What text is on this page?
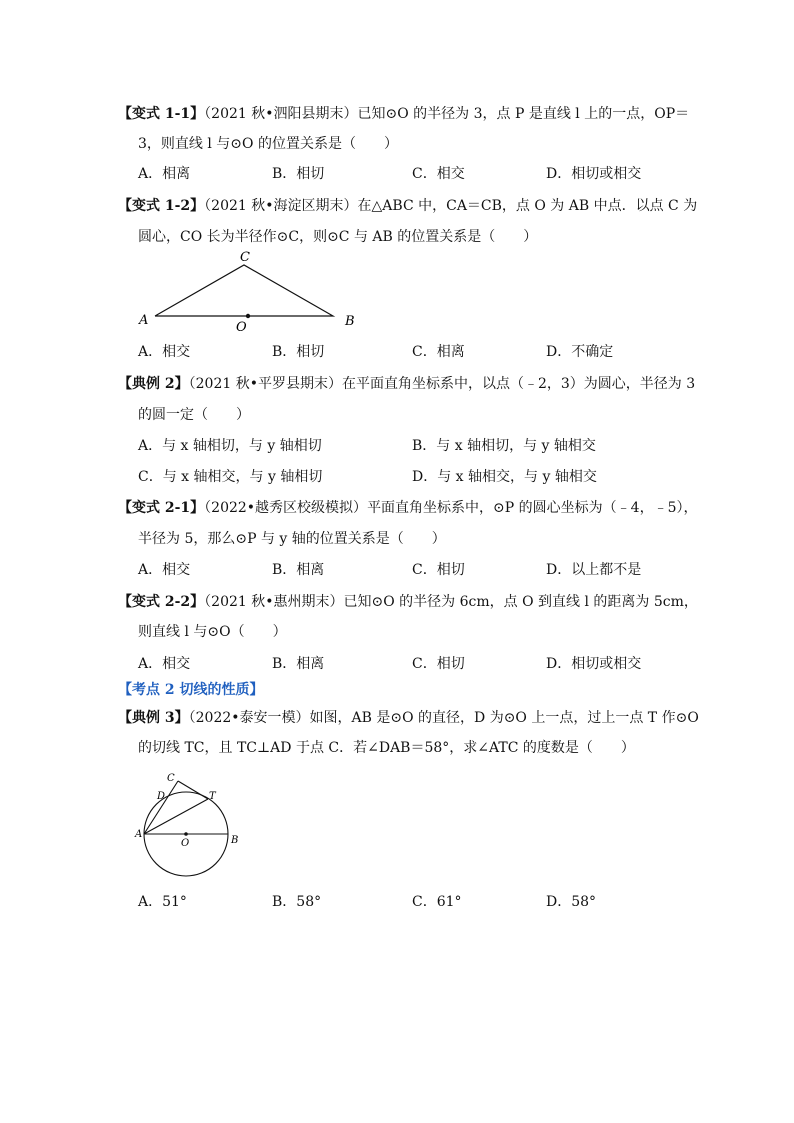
【变式 1-1】（2021 秋•泗阳县期末）已知⊙O 的半径为 3，点 P 是直线 l 上的一点，OP＝
3，则直线 l 与⊙O 的位置关系是（　　）
A．相离	B．相切	C．相交	D．相切或相交
【变式 1-2】（2021 秋•海淀区期末）在△ABC 中，CA＝CB，点 O 为 AB 中点．以点 C 为
圆心，CO 长为半径作⊙C，则⊙C 与 AB 的位置关系是（　　）
C
A	B
O
A．相交	B．相切	C．相离	D．不确定
【典例 2】（2021 秋•平罗县期末）在平面直角坐标系中，以点（﹣2，3）为圆心，半径为 3
的圆一定（　　）
A．与 x 轴相切，与 y 轴相切	B．与 x 轴相切，与 y 轴相交
C．与 x 轴相交，与 y 轴相切	D．与 x 轴相交，与 y 轴相交
【变式 2-1】（2022•越秀区校级模拟）平面直角坐标系中，⊙P 的圆心坐标为（﹣4，﹣5），
半径为 5，那么⊙P 与 y 轴的位置关系是（　　）
A．相交	B．相离	C．相切	D．以上都不是
【变式 2-2】（2021 秋•惠州期末）已知⊙O 的半径为 6cm，点 O 到直线 l 的距离为 5cm，
则直线 l 与⊙O（　　）
A．相交	B．相离	C．相切	D．相切或相交
【考点 2 切线的性质】
【典例 3】（2022•泰安一模）如图，AB 是⊙O 的直径，D 为⊙O 上一点，过上一点 T 作⊙O
的切线 TC，且 TC⊥AD 于点 C．若∠DAB＝58°，求∠ATC 的度数是（　　）
C
D	T
A
B
O
A．51°	B．58°	C．61°	D．58°
